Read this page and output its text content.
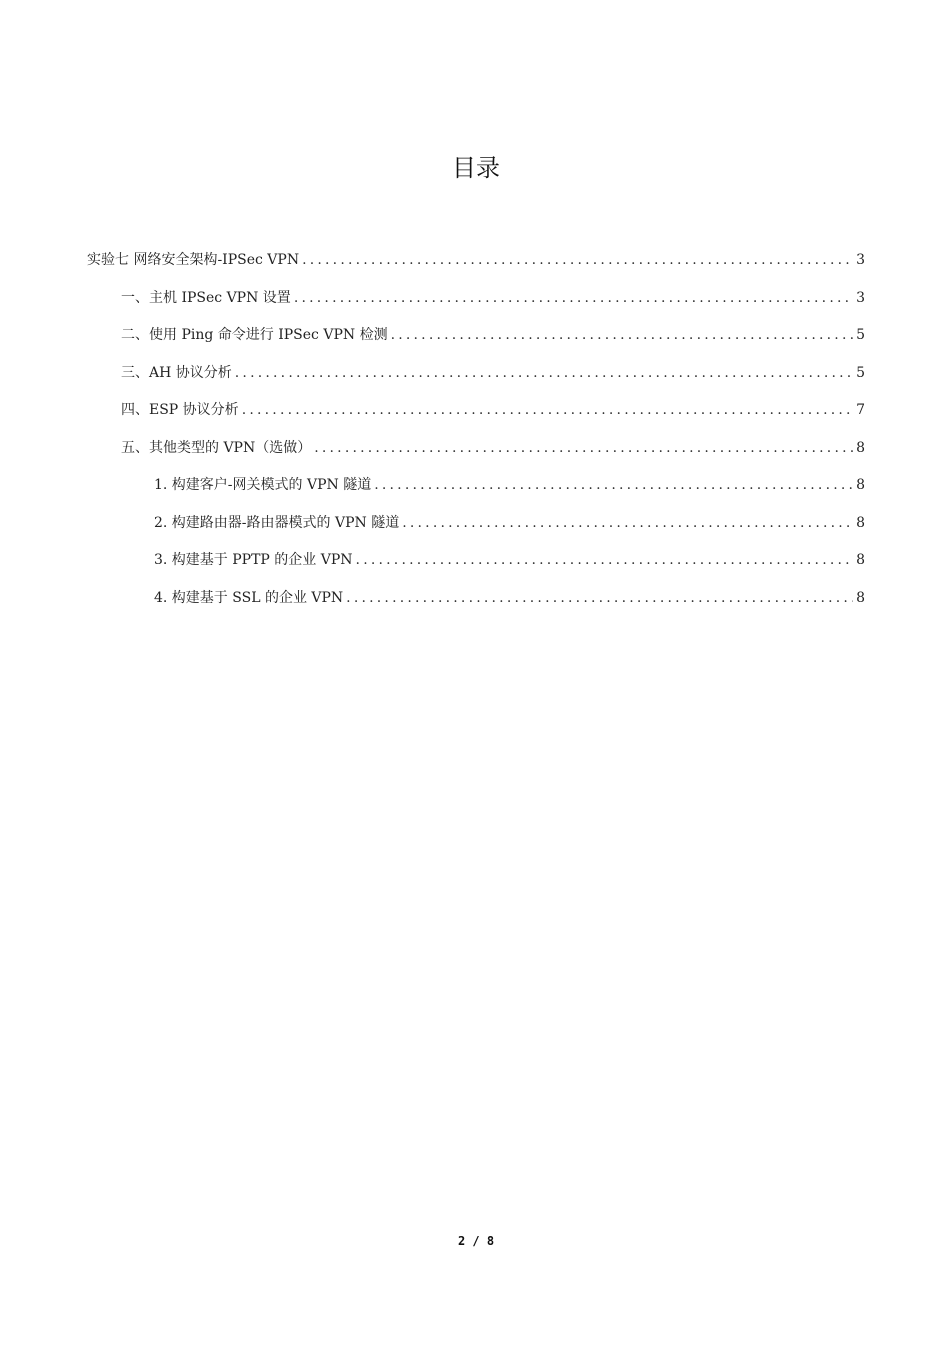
目录
实验七 网络安全架构-IPSec VPN .....	3
一、主机 IPSec VPN 设置 .....	3
二、使用 Ping 命令进行 IPSec VPN 检测 .....	5
三、AH 协议分析 .....	5
四、ESP 协议分析 .....	7
五、其他类型的 VPN（选做） .....	8
1. 构建客户-网关模式的 VPN 隧道 .....	8
2. 构建路由器-路由器模式的 VPN 隧道 .....	8
3. 构建基于 PPTP 的企业 VPN .....	8
4. 构建基于 SSL 的企业 VPN .....	8
2 / 8
